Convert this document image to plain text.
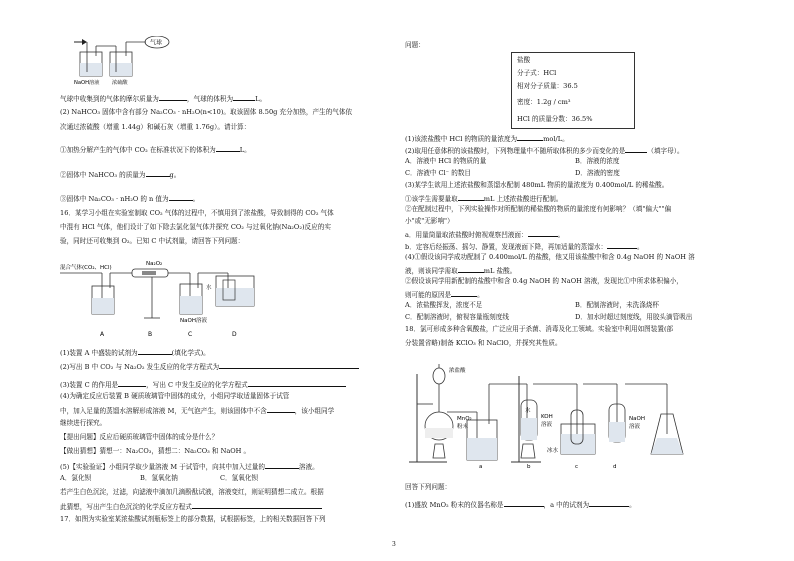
气球
NaOH溶液 浓硫酸
气球中收集到的气体的摩尔质量为	，气球的体积为	L。
(2) NaHCO₃ 固体中含有部分 Na₂CO₃ · nH₂O(n<10)。取该固体 8.50g 充分加热，产生的气体依
次通过浓硫酸（增重 1.44g）和碱石灰（增重 1.76g）。请计算：
①加热分解产生的气体中 CO₂ 在标准状况下的体积为	L。
②固体中 NaHCO₃ 的质量为	g。
③固体中 Na₂CO₃ · nH₂O 的 n 值为	。
16．某学习小组在实验室制取 CO₂ 气体的过程中，不慎用到了浓盐酸，导致制得的 CO₂ 气体
中混有 HCl 气体，他们设计了如下除去氯化氢气体并探究 CO₂ 与过氧化钠(Na₂O₂)反应的实
验，同时还可收集到 O₂。已知 C 中试剂量，请回答下列问题：
混合气体(CO₂、HCl)
Na₂O₂
水
NaOH溶液
A	B	C	D
(1)装置 A 中盛装的试剂为	(填化学式)。
(2)写出 B 中 CO₂ 与 Na₂O₂ 发生反应的化学方程式为
(3)装置 C 的作用是	，写出 C 中发生反应的化学方程式
(4)为确定反应后装置 B 硬质玻璃管中固体的成分，小组同学取适量固体于试管
中，加入足量的蒸馏水溶解形成溶液 M，无气泡产生，则该固体中不含	，该小组同学
继续进行探究。
【提出问题】反应后硬质玻璃管中固体的成分是什么？
【做出猜想】猜想一：Na₂CO₃，猜想二：Na₂CO₃ 和 NaOH 。
(5)【实验验证】小组同学取少量溶液 M 于试管中，向其中加入过量的	溶液。
A．氯化钡	B．氢氧化钠	C．氢氧化钡
若产生白色沉淀，过滤，向滤液中滴加几滴酚酞试液，溶液变红，则证明猜想二成立。根据
此猜想，写出产生白色沉淀的化学反应方程式
17．如图为实验室某浓盐酸试剂瓶标签上的部分数据，试根据标签，上的相关数据回答下列
问题：
盐酸
分子式：HCl
相对分子质量：36.5
密度：1.2g / cm³
HCl 的质量分数：36.5%
(1)该浓盐酸中 HCl 的物质的量浓度为	mol/L。
(2)取用任意体积的该盐酸时，下列物理量中不随所取体积的多少而变化的是	（填字母）。
A．溶液中 HCl 的物质的量	B．溶液的浓度
C．溶液中 Cl⁻ 的数目	D．溶液的密度
(3)某学生欲用上述浓盐酸和蒸馏水配制 480mL 物质的量浓度为 0.400mol/L 的稀盐酸。
①该学生需要量取	mL 上述浓盐酸进行配制。
②在配制过程中，下列实验操作对所配制的稀盐酸的物质的量浓度有何影响？（填"偏大""偏
小"或"无影响"）
a．用量筒量取浓盐酸时俯视观察凹液面：	。
b．定容后经振荡、摇匀、静置，发现液面下降，再加适量的蒸馏水：	。
(4)①假设该同学成功配制了 0.400mol/L 的盐酸，他又用该盐酸中和含 0.4g NaOH 的 NaOH 溶
液，则该同学需取	mL 盐酸。
②假设该同学用新配制的盐酸中和含 0.4g NaOH 的 NaOH 溶液，发现比①中所求体积偏小，
则可能的原因是	。
A．浓盐酸挥发，浓度不足	B．配制溶液时，未洗涤烧杯
C．配制溶液时，俯视容量瓶刻度线	D．加水时超过刻度线，用胶头滴管吸出
18．氯可形成多种含氧酸盐，广泛应用于杀菌、消毒及化工领域。实验室中利用如图装置(部
分装置省略)制备 KClO₃ 和 NaClO，并探究其性质。
浓盐酸
MnO₂
粉末
a
水
KOH
溶液
b
冰水
c
NaOH
溶液
d
回答下列问题：
(1)盛放 MnO₂ 粉末的仪器名称是	，a 中的试剂为	。
3
